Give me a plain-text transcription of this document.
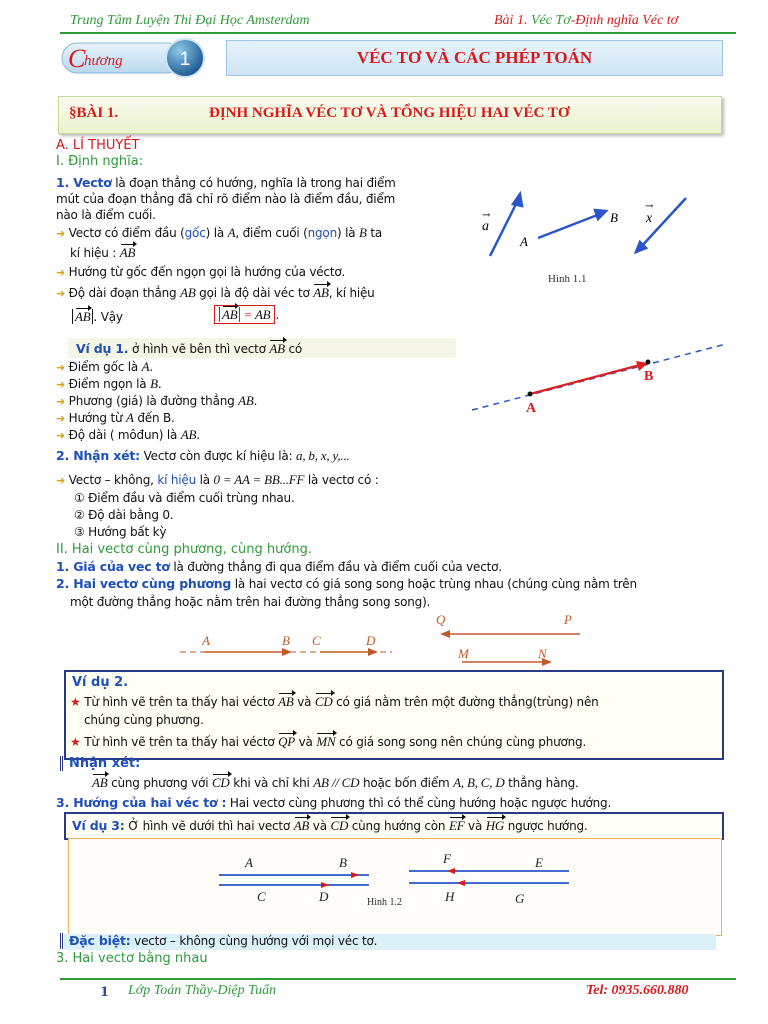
Trung Tâm Luyện Thi Đại Học Amsterdam	Bài 1. Véc Tơ-Định nghĩa Véc tơ
C
hương	1	VÉC TƠ VÀ CÁC PHÉP TOÁN
§BÀI 1.	ĐỊNH NGHĨA VÉC TƠ VÀ TỔNG HIỆU HAI VÉC TƠ
A. LÍ THUYẾT
I. Định nghĩa:
1. Vectơ là đoạn thẳng có hướng, nghĩa là trong hai điểm
mút của đoạn thẳng đã chỉ rõ điểm nào là điểm đầu, điểm
nào là điểm cuối.
➜ Vectơ có điểm đầu (gốc) là A, điểm cuối (ngọn) là B ta
kí hiệu : AB
➜ Hướng từ gốc đến ngọn gọi là hướng của véctơ.
➜ Độ dài đoạn thẳng AB gọi là độ dài véc tơ AB, kí hiệu
AB . Vậy	AB = AB .
a
→
A
B x
→
Hình 1.1
Ví dụ 1. ở hình vẽ bên thì vectơ AB có
➜ Điểm gốc là A.
➜ Điểm ngọn là B.
➜ Phương (giá) là đường thẳng AB.
➜ Hướng từ A đến B.
➜ Độ dài ( môđun) là AB.
A
B
2. Nhận xét: Vectơ còn được kí hiệu là: a, b, x, y,...
➜ Vectơ – không, kí hiệu là 0 = AA = BB...FF là vectơ có :
① Điểm đầu và điểm cuối trùng nhau.
② Độ dài bằng 0.
③ Hướng bất kỳ
II. Hai vectơ cùng phương, cùng hướng.
1. Giá của vec tơ là đường thẳng đi qua điểm đầu và điểm cuối của vectơ.
2. Hai vectơ cùng phương là hai vectơ có giá song song hoặc trùng nhau (chúng cùng nằm trên
một đường thẳng hoặc nằm trên hai đường thẳng song song).
A	B C	D
Q	P
M	N
Ví dụ 2.
★ Từ hình vẽ trên ta thấy hai véctơ AB và CD có giá nằm trên một đường thẳng(trùng) nên
chúng cùng phương.
★ Từ hình vẽ trên ta thấy hai véctơ QP và MN có giá song song nên chúng cùng phương.
Nhận xét:
AB cùng phương với CD khi và chỉ khi AB // CD hoặc bốn điểm A, B, C, D thẳng hàng.
3. Hướng của hai véc tơ : Hai vectơ cùng phương thì có thể cùng hướng hoặc ngược hướng.
Ví dụ 3: Ở hình vẽ dưới thì hai vectơ AB và CD cùng hướng còn EF và HG ngược hướng.
A	B
C	D
F	E
H	G
Hình 1.2
Đặc biệt: vectơ – không cùng hướng với mọi véc tơ.
3. Hai vectơ bằng nhau
1 Lớp Toán Thầy-Diệp Tuấn	Tel: 0935.660.880
